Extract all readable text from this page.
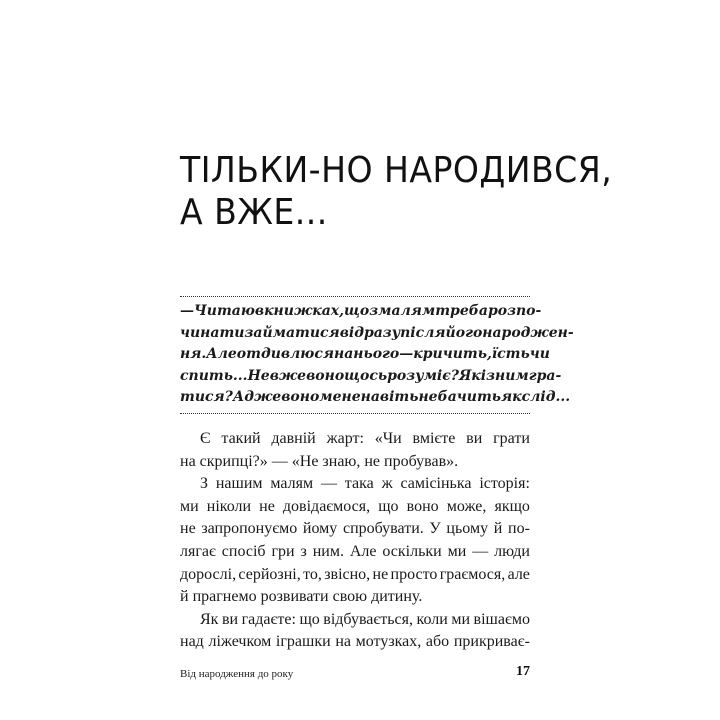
ТІЛЬКИ-НО НАРОДИВСЯ,
А ВЖЕ...
— Читаю в книжках, що з малям треба розпо-
чинати займатися відразу після його народжен-
ня. Але от дивлюся на нього — кричить, їсть чи
спить... Невже воно щось розуміє? Як із ним гра-
тися? Адже воно мене навіть не бачить як слід...
Є такий давній жарт: «Чи вмієте ви грати
на скрипці?» — «Не знаю, не пробував».
З нашим малям — така ж самісінька історія:
ми ніколи не довідаємося, що воно може, якщо
не запропонуємо йому спробувати. У цьому й по-
лягає спосіб гри з ним. Але оскільки ми — люди
дорослі, серйозні, то, звісно, не просто граємося, але
й прагнемо розвивати свою дитину.
Як ви гадаєте: що відбувається, коли ми вішаємо
над ліжечком іграшки на мотузках, або прикриває-
Від народження до року	17
